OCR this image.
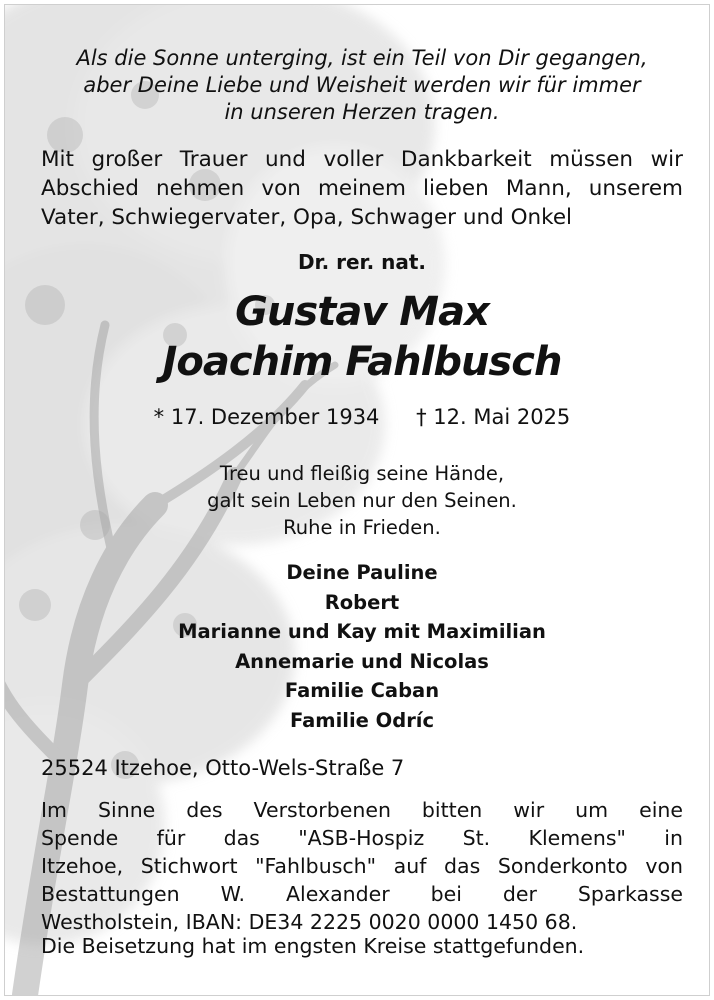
Als die Sonne unterging, ist ein Teil von Dir gegangen,
aber Deine Liebe und Weisheit werden wir für immer
in unseren Herzen tragen.
Mit großer Trauer und voller Dankbarkeit müssen wir
Abschied nehmen von meinem lieben Mann, unserem
Vater, Schwiegervater, Opa, Schwager und Onkel
Dr. rer. nat.
Gustav Max
Joachim Fahlbusch
* 17. Dezember 1934 † 12. Mai 2025
Treu und fleißig seine Hände,
galt sein Leben nur den Seinen.
Ruhe in Frieden.
Deine Pauline
Robert
Marianne und Kay mit Maximilian
Annemarie und Nicolas
Familie Caban
Familie Odríc
25524 Itzehoe, Otto-Wels-Straße 7
Im Sinne des Verstorbenen bitten wir um eine
Spende für das "ASB-Hospiz St. Klemens" in
Itzehoe, Stichwort "Fahlbusch" auf das Sonderkonto von
Bestattungen W. Alexander bei der Sparkasse
Westholstein, IBAN: DE34 2225 0020 0000 1450 68.
Die Beisetzung hat im engsten Kreise stattgefunden.
